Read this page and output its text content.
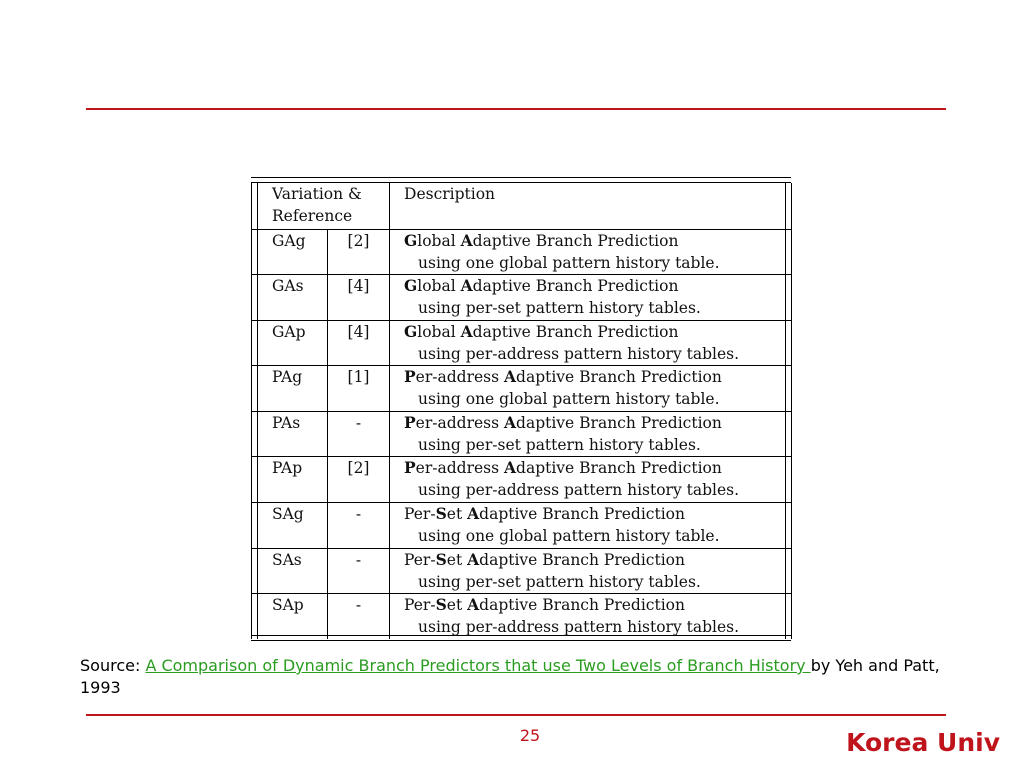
	Variation &
Reference		Description	
	GAg	[2]	Global Adaptive Branch Prediction
using one global pattern history table.	

	GAs	[4]	Global Adaptive Branch Prediction
using per-set pattern history tables.	

	GAp	[4]	Global Adaptive Branch Prediction
using per-address pattern history tables.	

	PAg	[1]	Per-address Adaptive Branch Prediction
using one global pattern history table.	

	PAs	-	Per-address Adaptive Branch Prediction
using per-set pattern history tables.	

	PAp	[2]	Per-address Adaptive Branch Prediction
using per-address pattern history tables.	

	SAg	-	Per-Set Adaptive Branch Prediction
using one global pattern history table.	

	SAs	-	Per-Set Adaptive Branch Prediction
using per-set pattern history tables.	

	SAp	-	Per-Set Adaptive Branch Prediction
using per-address pattern history tables.	

Source: A Comparison of Dynamic Branch Predictors that use Two Levels of Branch History by Yeh and Patt, 1993
25	Korea Univ
